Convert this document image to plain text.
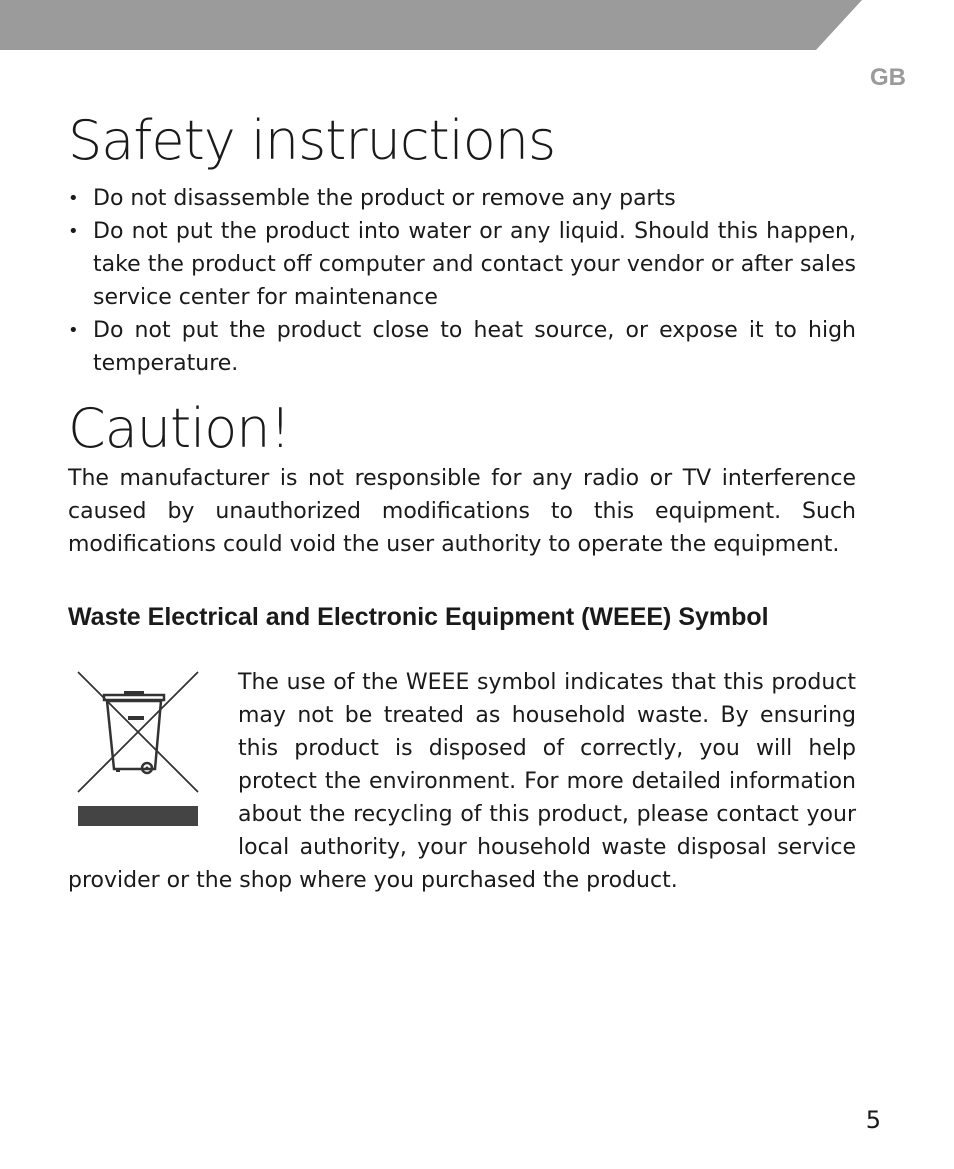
GB

Safety instructions
• Do not disassemble the product or remove any parts
• Do not put the product into water or any liquid. Should this happen, take the product off computer and contact your vendor or after sales service center for maintenance
• Do not put the product close to heat source, or expose it to high temperature.
Caution!

The manufacturer is not responsible for any radio or TV interference caused by unauthorized modifications to this equipment. Such modifications could void the user authority to operate the equipment.

Waste Electrical and Electronic Equipment (WEEE) Symbol

The use of the WEEE symbol indicates that this product may not be treated as household waste. By ensuring this product is disposed of correctly, you will help protect the environment. For more detailed information about the recycling of this product, please contact your local authority, your household waste disposal service provider or the shop where you purchased the product.

5
